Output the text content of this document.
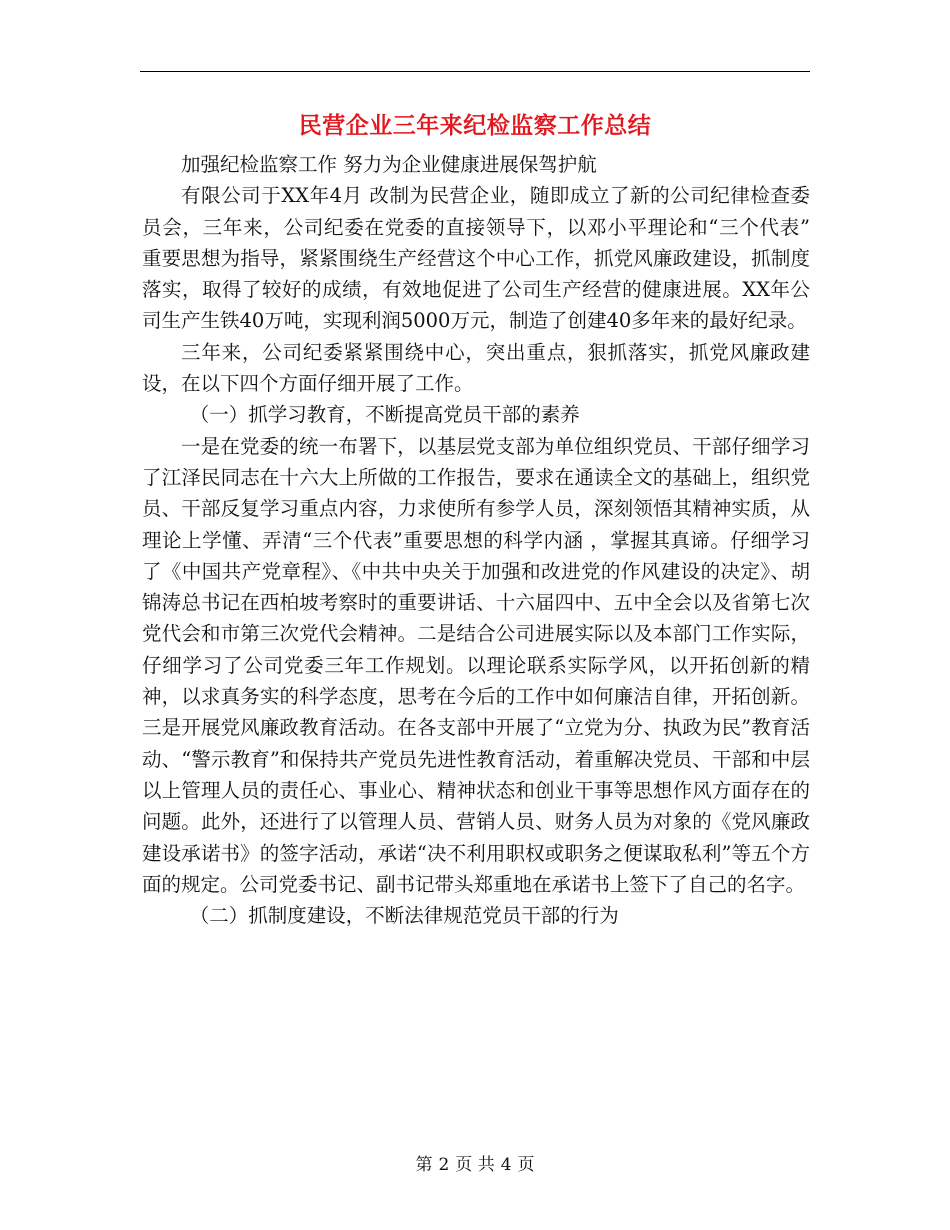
民营企业三年来纪检监察工作总结

加强纪检监察工作 努力为企业健康进展保驾护航

有限公司于XX年4月 改制为民营企业，随即成立了新的公司纪律检查委员会，三年来，公司纪委在党委的直接领导下，以邓小平理论和“三个代表” 重要思想为指导，紧紧围绕生产经营这个中心工作，抓党风廉政建设，抓制度落实，取得了较好的成绩，有效地促进了公司生产经营的健康进展。XX年公司生产生铁40万吨，实现利润5000万元，制造了创建40多年来的最好纪录。

三年来，公司纪委紧紧围绕中心，突出重点，狠抓落实，抓党风廉政建设，在以下四个方面仔细开展了工作。

（一）抓学习教育，不断提高党员干部的素养

一是在党委的统一布署下，以基层党支部为单位组织党员、干部仔细学习了江泽民同志在十六大上所做的工作报告，要求在通读全文的基础上，组织党员、干部反复学习重点内容，力求使所有参学人员，深刻领悟其精神实质，从理论上学懂、弄清“三个代表”重要思想的科学内涵 ，掌握其真谛。仔细学习了《中国共产党章程》、《中共中央关于加强和改进党的作风建设的决定》、胡锦涛总书记在西柏坡考察时的重要讲话、十六届四中、五中全会以及省第七次党代会和市第三次党代会精神。二是结合公司进展实际以及本部门工作实际，仔细学习了公司党委三年工作规划。以理论联系实际学风，以开拓创新的精神，以求真务实的科学态度，思考在今后的工作中如何廉洁自律，开拓创新。三是开展党风廉政教育活动。在各支部中开展了“立党为分、执政为民”教育活动、“警示教育”和保持共产党员先进性教育活动，着重解决党员、干部和中层以上管理人员的责任心、事业心、精神状态和创业干事等思想作风方面存在的问题。此外，还进行了以管理人员、营销人员、财务人员为对象的《党风廉政建设承诺书》的签字活动，承诺“决不利用职权或职务之便谋取私利”等五个方面的规定。公司党委书记、副书记带头郑重地在承诺书上签下了自己的名字。

（二）抓制度建设，不断法律规范党员干部的行为

第 2 页 共 4 页
